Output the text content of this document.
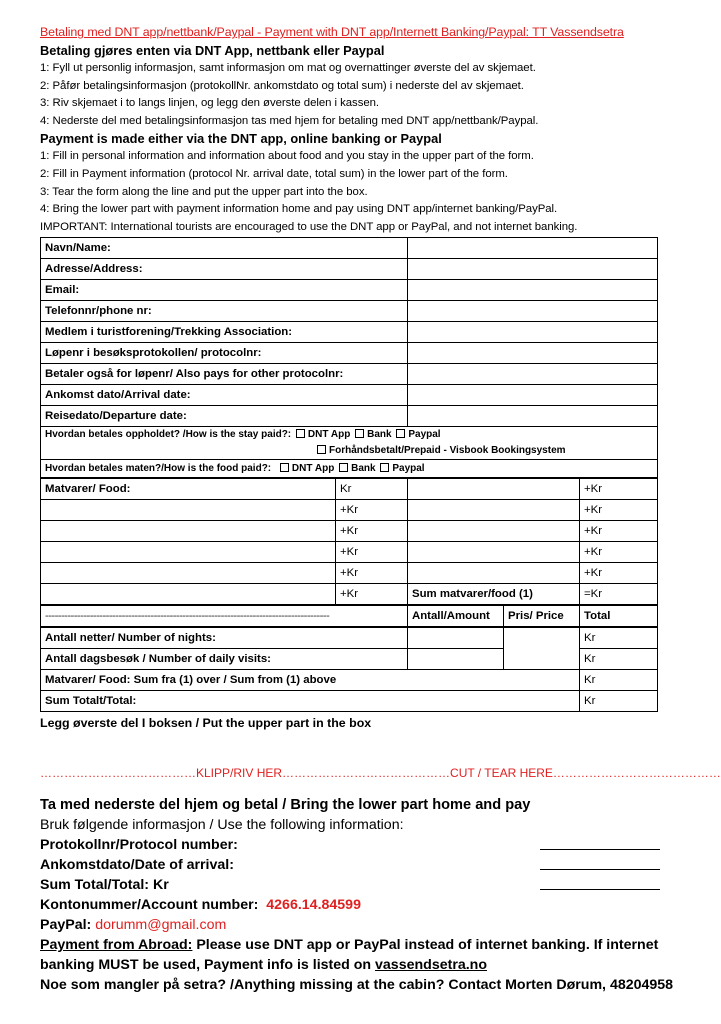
Betaling med DNT app/nettbank/Paypal - Payment with DNT app/Internett Banking/Paypal: TT Vassendsetra
Betaling gjøres enten via DNT App, nettbank eller Paypal
1: Fyll ut personlig informasjon, samt informasjon om mat og overnattinger øverste del av skjemaet.
2: Påfør betalingsinformasjon (protokollNr. ankomstdato og total sum) i nederste del av skjemaet.
3: Riv skjemaet i to langs linjen, og legg den øverste delen i kassen.
4: Nederste del med betalingsinformasjon tas med hjem for betaling med DNT app/nettbank/Paypal.
Payment is made either via the DNT app, online banking or Paypal
1: Fill in personal information and information about food and you stay in the upper part of the form.
2: Fill in Payment information (protocol Nr. arrival date, total sum) in the lower part of the form.
3: Tear the form along the line and put the upper part into the box.
4: Bring the lower part with payment information home and pay using DNT app/internet banking/PayPal.
IMPORTANT: International tourists are encouraged to use the DNT app or PayPal, and not internet banking.
Navn/Name:				
Adresse/Address:				
Email:				
Telefonnr/phone nr:				
Medlem i turistforening/Trekking Association:				
Løpenr i besøksprotokollen/ protocolnr:				
Betaler også for løpenr/ Also pays for other protocolnr:				
Ankomst dato/Arrival date:				
Reisedato/Departure date:				

Hvordan betales oppholdet? /How is the stay paid?: DNT App Bank Paypal
Forhåndsbetalt/Prepaid - Visbook Bookingsystem				

Hvordan betales maten?/How is the food paid?: DNT App Bank Paypal				
Matvarer/ Food:	Kr			+Kr
	+Kr			+Kr
	+Kr			+Kr
	+Kr			+Kr
	+Kr			+Kr
	+Kr	Sum matvarer/food (1)		=Kr
-----------------------------------------------------------------------------------------		Antall/Amount	Pris/ Price	Total
Antall netter/ Number of nights:				Kr
Antall dagsbesøk / Number of daily visits:				Kr
Matvarer/ Food: Sum fra (1) over / Sum from (1) above				Kr
Sum Totalt/Total:				Kr
Legg øverste del I boksen / Put the upper part in the box
…………………………………KLIPP/RIV HER……………………………………CUT / TEAR HERE……………………………………
Ta med nederste del hjem og betal / Bring the lower part home and pay
Bruk følgende informasjon / Use the following information:
Protokollnr/Protocol number:
Ankomstdato/Date of arrival:
Sum Total/Total: Kr
Kontonummer/Account number: 4266.14.84599
PayPal: dorumm@gmail.com
Payment from Abroad: Please use DNT app or PayPal instead of internet banking. If internet
banking MUST be used, Payment info is listed on vassendsetra.no
Noe som mangler på setra? /Anything missing at the cabin? Contact Morten Dørum, 48204958
